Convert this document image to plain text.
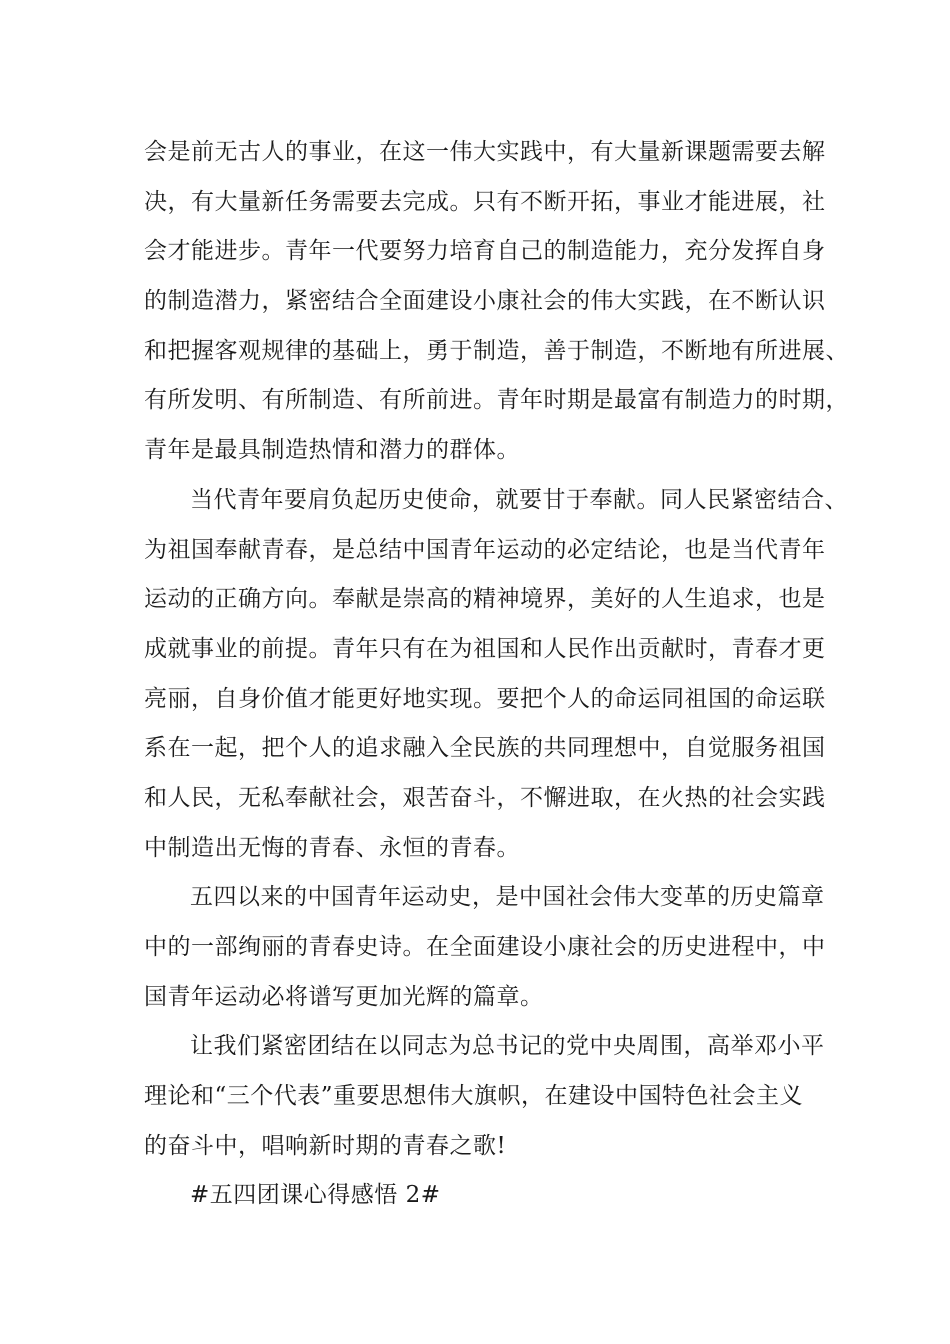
会是前无古人的事业，在这一伟大实践中，有大量新课题需要去解
决，有大量新任务需要去完成。只有不断开拓，事业才能进展，社
会才能进步。青年一代要努力培育自己的制造能力，充分发挥自身
的制造潜力，紧密结合全面建设小康社会的伟大实践，在不断认识
和把握客观规律的基础上，勇于制造，善于制造，不断地有所进展、
有所发明、有所制造、有所前进。青年时期是最富有制造力的时期，
青年是最具制造热情和潜力的群体。
当代青年要肩负起历史使命，就要甘于奉献。同人民紧密结合、
为祖国奉献青春，是总结中国青年运动的必定结论，也是当代青年
运动的正确方向。奉献是崇高的精神境界，美好的人生追求，也是
成就事业的前提。青年只有在为祖国和人民作出贡献时，青春才更
亮丽，自身价值才能更好地实现。要把个人的命运同祖国的命运联
系在一起，把个人的追求融入全民族的共同理想中，自觉服务祖国
和人民，无私奉献社会，艰苦奋斗，不懈进取，在火热的社会实践
中制造出无悔的青春、永恒的青春。
五四以来的中国青年运动史，是中国社会伟大变革的历史篇章
中的一部绚丽的青春史诗。在全面建设小康社会的历史进程中，中
国青年运动必将谱写更加光辉的篇章。
让我们紧密团结在以同志为总书记的党中央周围，高举邓小平
理论和“三个代表”重要思想伟大旗帜，在建设中国特色社会主义
的奋斗中，唱响新时期的青春之歌!
#五四团课心得感悟 2#
